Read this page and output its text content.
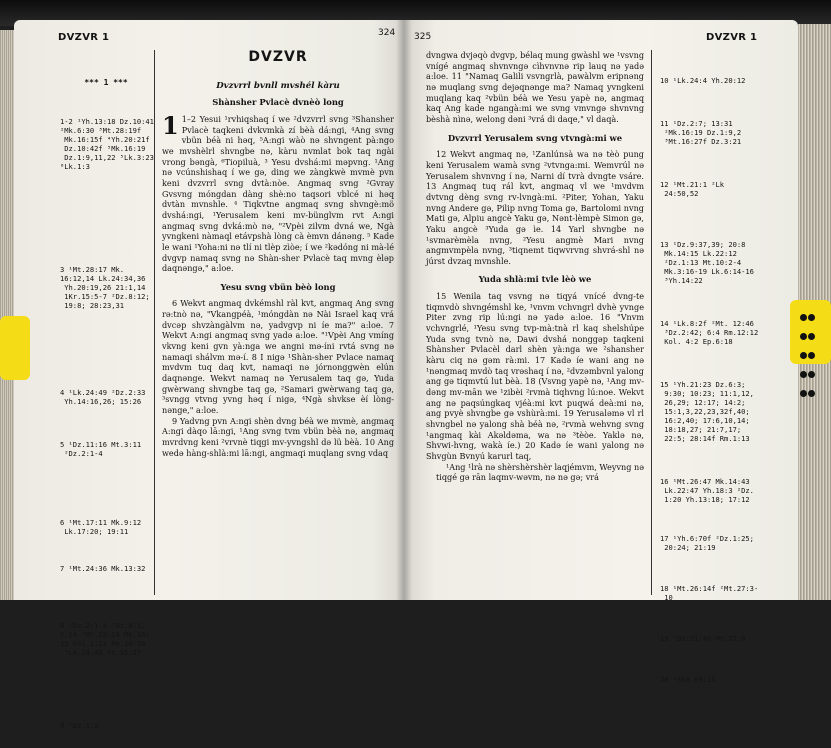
DVZVR 1	324

*** 1 ***

1-2 ¹Yh.13:18 Dz.10:41
²Mk.6:30 ³Mt.28:19f
Mk.16:15f ⁴Yh.20:21f
Dz.10:42f ⁵Mk.16:19
Dz.1:9,11,22 ⁵Lk.3:23
⁶Lk.1:3

3 ¹Mt.28:17 Mk.
16:12,14 Lk.24:34,36
Yh.20:19,26 21:1,14
1Kr.15:5-7 ²Dz.8:12;
19:8; 28:23,31

4 ¹Lk.24:49 ²Dz.2:33
Yh.14:16,26; 15:26

5 ¹Dz.11:16 Mt.3:11
²Dz.2:1-4

6 ¹Mt.17:11 Mk.9:12
Lk.17:20; 19:11

7 ¹Mt.24:36 Mk.13:32

8 ¹Dz.2:1-4 ²Dz.8:1,
5,14 ³Mt.28:19 Mk.16:
15 Kol.1:23 Rm.10:18
⁴Lk.24:48 Yh.15:27

9 ¹Dz.1:2

DVZVR
Dvzvrrl bvnll mvshél kàru
Shànsher Pvlacè dvnèò long
1 1–2 Yesui ¹rvhiqshaq í we ²dvzvrrl svng ³Shansher Pvlacè taqkeni dvkvmkà zí bèà dá:ngi, ⁴Ang svng vbün béà ni həq, ⁵A:ngi wàò nə shvngent pà:ngo we mvshèlrl shvngbe nə, kàru nvmlat bok taq ngài vrong bəngà, ⁶Tiopiluà, ³ Yesu dvshá:mi məpvng. ¹Ang nə vcúnshishaq í we gə, ding we zàngkwè mvmè pvn keni dvzvrrl svng dvtà:nòe. Angmaq svng ²Gvray Gvsvng móngdan dàng shè:no taqsori vblcé ni həq dvtàn mvnshle. ⁴ Tiqkvtne angmaq svng shvngè:mö dvshá:ngi, ¹Yerusalem keni mv-bünglvm rvt A:ngi angmaq svng dvká:mò nə, "²Vpèi zilvm dvná we, Ngà yvngkeni nàmaql etávpshà lòng cà èmvn dánəng. ⁵ Kade le wani ¹Yoha:ni nə tlí ni tlèp zìòe; í we ²kədóng ni mà-lé dvgvp namaq svng nə Shàn-sher Pvlacè taq mvng èləp daqnəngə," a:loe.
Yesu svng vbün bèò long

6 Wekvt angmaq dvkémshl ràl kvt, angmaq Ang svng rə:tnò nə, "Vkangpéà, ¹móngdàn nə Nài Israel kaq vrá dvcəp shvzàngàlvm nə, yadvgvp ni íe ma?" a:loe. 7 Wekvt A:ngi angmaq svng yadə a:loe. "¹Vpèi Ang vmíng vkvng keni gvn yà:nga we angni mə-íni rvtá svng nə namaqi shálvm mə-í. 8 I nigə ¹Shàn-sher Pvlace namaq mvdvm tuq daq kvt, namaqi nə jórnonggwèn elún daqnənge. Wekvt namaq nə Yerusalem taq gə, Yuda gwèrwang shvngbe taq gə, ²Samari gwèrwang taq gə, ³svngg vtvng yvng həq í nigə, ⁴Ngà shvkse èí lòng-nənge," a:loe.

9 Yadvng pvn A:ngi shèn dvng béà we mvmè, angmaq A:ngi dàqo lā:ngi, ¹Ang svng tvm vbün bèà nə, angmaq mvrdvng keni ²vrvnè tiqgi mv-yvngshl də lü bèà. 10 Ang wedə hàng-shlà:mi lā:ngi, angmaqi muqlang svng vdaq

325	DVZVR 1

dvngwa dvjəqò dvgvp, bélaq mung gwàshl we ¹vsvng vnígé angmaq shvnvngə cìhvnvnə rip lauq nə yadə a:loe. 11 "Namaq Galili vsvngrlà, pawàlvm eripnəng nə muqlang svng dejəqnənge ma? Namaq yvngkeni muqlang kaq ²vbün béà we Yesu yapè nə, angmaq kaq Ang kade ngangà:mi we svng vmvngə shvnvng bèshà nìnə, welong dəni ³vrá di daqe," vl daqà.

Dvzvrrl Yerusalem svng vtvngà:mi we

12 Wekvt angmaq nə, ¹Zanlúnsà wa nə tèò pung keni Yerusalem wamà svng ²vtvnga:mi. Wemvrúl nə Yerusalem shvnvng í nə, Narni dí tvrà dvngte vsáre. 13 Angmaq tuq rál kvt, angmaq vl we ¹mvdvm dvtvng dèng svng rv-lvngà:mi. ²Piter, Yohan, Yaku nvng Andere gə, Pilip nvng Toma gə, Bartolomi nvng Mati gə, Alpiu angcè Yaku gə, Nənt-lèmpè Simon gə, Yaku angcè ³Yuda gə ìe. 14 Yarl shvngbe nə ¹svmarèmèla nvng, ²Yesu angmè Mari nvng angmvmpèla nvng, ³tiqnemt tiqwvrvng shvrá-shl nə júrst dvzaq mvnshle.

Yuda shlà:mi tvle lèò we

15 Wenila taq vsvng nə tiqyá vnícé dvng-te tiqmvdò shvngémshl ke, ¹vnvm vchvngrl dvhè yvnge Piter zvng rip lú:ngi nə yadə a:loe. 16 "Vnvm vchvngrlé, ¹Yesu svng tvp-mà:tnà rl kaq shelshúpe Yuda svng tvnò nə, Dawi dvshá nonggəp taqkeni Shànsher Pvlacèl darl shèn yà:nga we ²shansher kàru ciq nə gəm rà:mi. 17 Kadə íe wani ang nə ¹nəngmaq mvdò taq vrəshaq í nə, ²dvzəmbvnl yalong ang gə tiqmvtú lut bèà. 18 (Vsvng yapè nə, ¹Ang mv-dəng mv-mān we ¹zibèi ²rvmà tiqhvng lú:noe. Wekvt ang nə paqsúngkaq vjéà:mi kvt puqwá deà:mi nə, ang pvyè shvngbe gə vshùrà:mi. 19 Yerusaləmə vl rl shvngbel nə yalong shà béà nə, ²rvmà wehvng svng ¹angmaq kài Akəldəma, wa nə ³tèòe. Yaklə nə, Shvwi-hvng, wakà íe.) 20 Kadə íe wani yalong nə Shvgùn Bvnyú karurl taq,

¹Ang ¹lrà nə shèrshèrshèr laqjémvm, Weyvng nə tiqgé gə rān laqmv-wəvm, nə nə gə; vrá

10 ¹Lk.24:4 Yh.20:12

11 ¹Dz.2:7; 13:31
²Mk.16:19 Dz.1:9,2
³Mt.16:27f Dz.3:21

12 ¹Mt.21:1 ²Lk
24:50,52

13 ¹Dz.9:37,39; 20:8
Mk.14:15 Lk.22:12
²Dz.1:13 Mt.10:2-4
Mk.3:16-19 Lk.6:14-16
³Yh.14:22

14 ¹Lk.8:2f ²Mt. 12:46
³Dz.2:42; 6:4 Rm.12:12
Kol. 4:2 Ep.6:18

15 ¹Yh.21:23 Dz.6:3;
9:30; 10:23; 11:1,12,
26,29; 12:17; 14:2;
15:1,3,22,23,32f,40;
16:2,40; 17:6,10,14;
18:18,27; 21:7,17;
22:5; 28:14f Rm.1:13

16 ¹Mt.26:47 Mk.14:43
Lk.22:47 Yh.18:3 ²Dz.
1:20 Yh.13:18; 17:12

17 ¹Yh.6:70f ²Dz.1:25;
20:24; 21:19

18 ¹Mt.26:14f ²Mt.27:3-
10

19 ¹Dz.21:40 Mt.27:8

20 ¹Shñ.69:25
